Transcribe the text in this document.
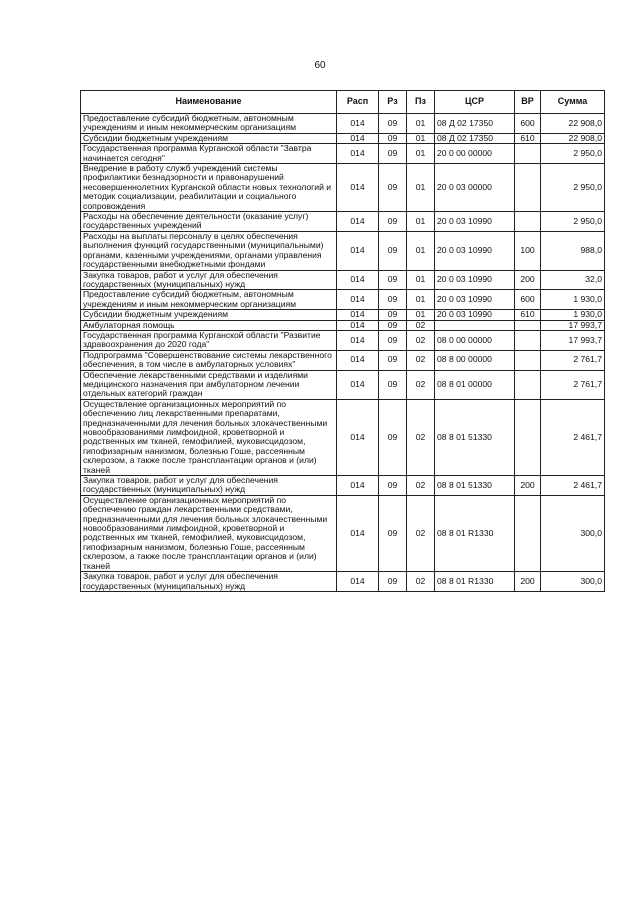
60
Наименование	Расп	Рз	Пз	ЦСР	ВР	Сумма
Предоставление субсидий бюджетным, автономным учреждениям и иным некоммерческим организациям	014	09	01	08 Д 02 17350	600	22 908,0
Субсидии бюджетным учреждениям	014	09	01	08 Д 02 17350	610	22 908,0
Государственная программа Курганской области "Завтра начинается сегодня"	014	09	01	20 0 00 00000		2 950,0
Внедрение в работу служб учреждений системы профилактики безнадзорности и правонарушений несовершеннолетних Курганской области новых технологий и методик социализации, реабилитации и социального сопровождения	014	09	01	20 0 03 00000		2 950,0
Расходы на обеспечение деятельности (оказание услуг) государственных учреждений	014	09	01	20 0 03 10990		2 950,0
Расходы на выплаты персоналу в целях обеспечения выполнения функций государственными (муниципальными) органами, казенными учреждениями, органами управления государственными внебюджетными фондами	014	09	01	20 0 03 10990	100	988,0
Закупка товаров, работ и услуг для обеспечения государственных (муниципальных) нужд	014	09	01	20 0 03 10990	200	32,0
Предоставление субсидий бюджетным, автономным учреждениям и иным некоммерческим организациям	014	09	01	20 0 03 10990	600	1 930,0
Субсидии бюджетным учреждениям	014	09	01	20 0 03 10990	610	1 930,0
Амбулаторная помощь	014	09	02			17 993,7
Государственная программа Курганской области "Развитие здравоохранения до 2020 года"	014	09	02	08 0 00 00000		17 993,7
Подпрограмма "Совершенствование системы лекарственного обеспечения, в том числе в амбулаторных условиях"	014	09	02	08 8 00 00000		2 761,7
Обеспечение лекарственными средствами и изделиями медицинского назначения при амбулаторном лечении отдельных категорий граждан	014	09	02	08 8 01 00000		2 761,7
Осуществление организационных мероприятий по обеспечению лиц лекарственными препаратами, предназначенными для лечения больных злокачественными новообразованиями лимфоидной, кроветворной и родственных им тканей, гемофилией, муковисцидозом, гипофизарным нанизмом, болезнью Гоше, рассеянным склерозом, а также после трансплантации органов и (или) тканей	014	09	02	08 8 01 51330		2 461,7
Закупка товаров, работ и услуг для обеспечения государственных (муниципальных) нужд	014	09	02	08 8 01 51330	200	2 461,7
Осуществление организационных мероприятий по обеспечению граждан лекарственными средствами, предназначенными для лечения больных злокачественными новообразованиями лимфоидной, кроветворной и родственных им тканей, гемофилией, муковисцидозом, гипофизарным нанизмом, болезнью Гоше, рассеянным склерозом, а также после трансплантации органов и (или) тканей	014	09	02	08 8 01 R1330		300,0
Закупка товаров, работ и услуг для обеспечения государственных (муниципальных) нужд	014	09	02	08 8 01 R1330	200	300,0
